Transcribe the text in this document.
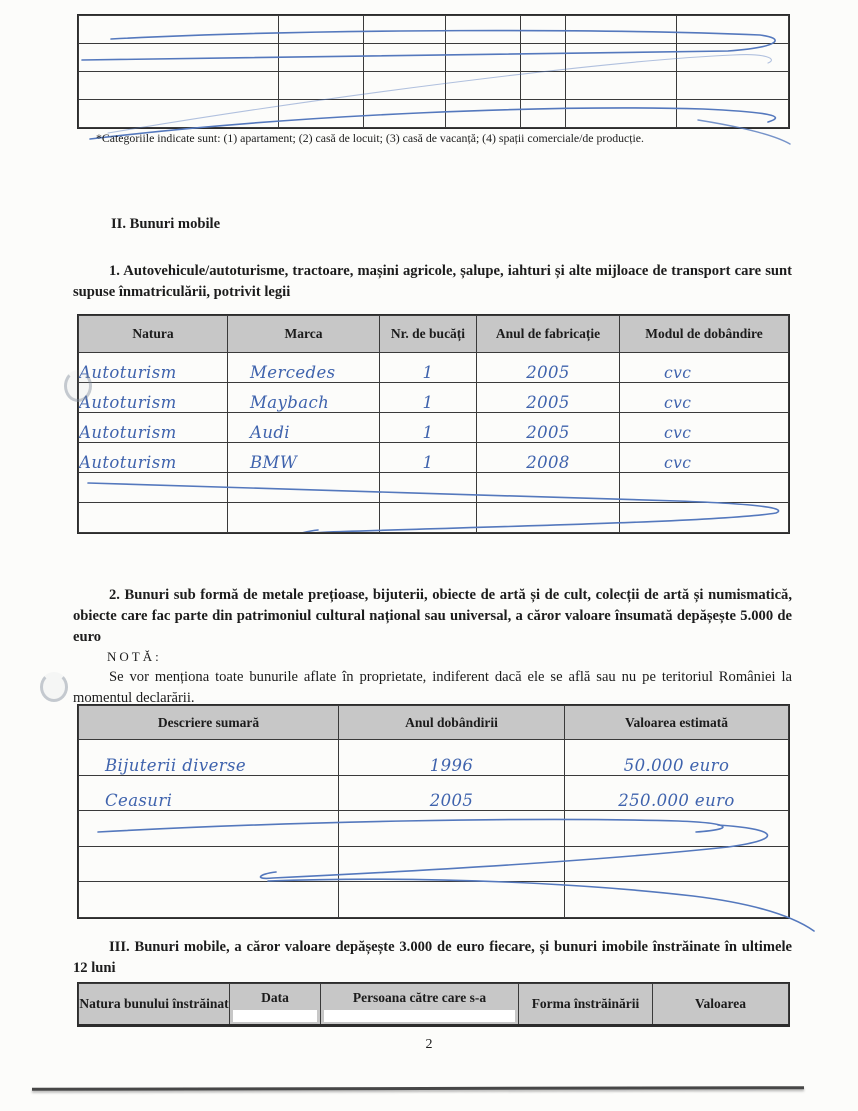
*Categoriile indicate sunt: (1) apartament; (2) casă de locuit; (3) casă de vacanță; (4) spații comerciale/de producție.
II. Bunuri mobile
1. Autovehicule/autoturisme, tractoare, mașini agricole, șalupe, iahturi și alte mijloace de transport care sunt supuse înmatriculării, potrivit legii
Natura	Marca	Nr. de bucăți	Anul de fabricație	Modul de dobândire
Autoturism	Mercedes	1	2005	cvc
Autoturism	Maybach	1	2005	cvc
Autoturism	Audi	1	2005	cvc
Autoturism	BMW	1	2008	cvc

2. Bunuri sub formă de metale prețioase, bijuterii, obiecte de artă și de cult, colecții de artă și numismatică, obiecte care fac parte din patrimoniul cultural național sau universal, a căror valoare însumată depășește 5.000 de euro
NOTĂ:
Se vor menționa toate bunurile aflate în proprietate, indiferent dacă ele se află sau nu pe teritoriul României la momentul declarării.
Descriere sumară	Anul dobândirii	Valoarea estimată
Bijuterii diverse	1996	50.000 euro
Ceasuri	2005	250.000 euro

III. Bunuri mobile, a căror valoare depășește 3.000 de euro fiecare, și bunuri imobile înstrăinate în ultimele 12 luni
Natura bunului înstrăinat	Data	Persoana către care s-a	Forma înstrăinării	Valoarea
2
